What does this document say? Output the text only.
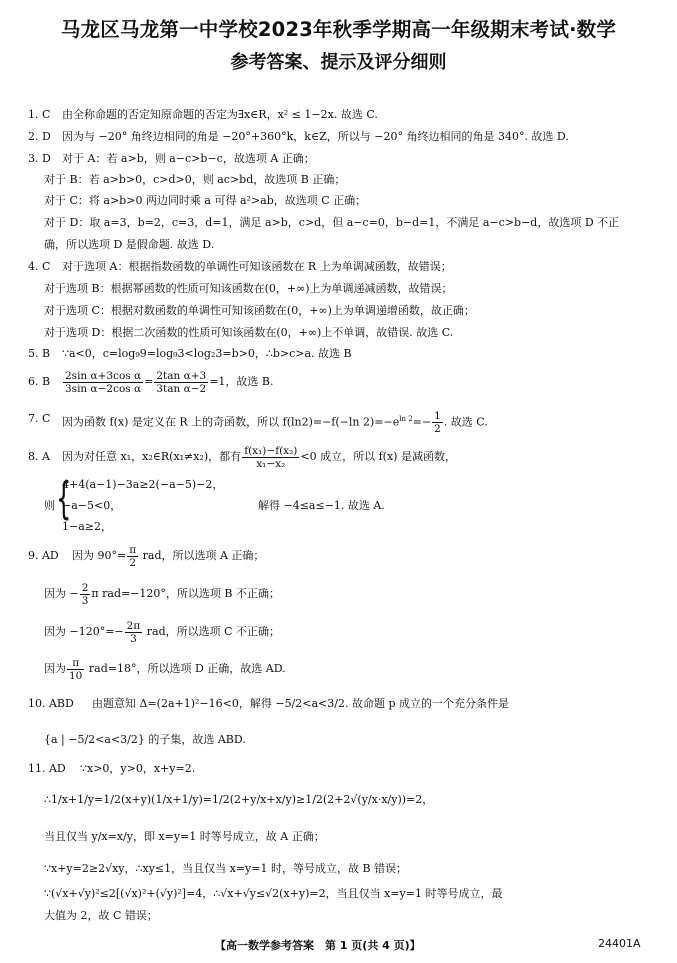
马龙区马龙第一中学校2023年秋季学期高一年级期末考试·数学
参考答案、提示及评分细则
1. C 由全称命题的否定知原命题的否定为∃x∈R，x² ≤ 1−2x. 故选 C.
2. D 因为与 −20° 角终边相同的角是 −20°+360°k，k∈Z，所以与 −20° 角终边相同的角是 340°. 故选 D.
3. D 对于 A：若 a>b，则 a−c>b−c，故选项 A 正确；
对于 B：若 a>b>0，c>d>0，则 ac>bd，故选项 B 正确；
对于 C：将 a>b>0 两边同时乘 a 可得 a²>ab，故选项 C 正确；
对于 D：取 a=3，b=2，c=3，d=1，满足 a>b，c>d，但 a−c=0，b−d=1，不满足 a−c>b−d，故选项 D 不正
确，所以选项 D 是假命题. 故选 D.
4. C 对于选项 A：根据指数函数的单调性可知该函数在 R 上为单调减函数，故错误；
对于选项 B：根据幂函数的性质可知该函数在(0，+∞)上为单调递减函数，故错误；
对于选项 C：根据对数函数的单调性可知该函数在(0，+∞)上为单调递增函数，故正确；
对于选项 D：根据二次函数的性质可知该函数在(0，+∞)上不单调，故错误. 故选 C.
5. B ∵a<0，c=log₉9=log₉3<log₂3=b>0，∴b>c>a. 故选 B
6. B $\frac{\text{2sin α+3cos α}}{\text{3sin α−2cos α}} = \frac{\text{2tan α+3}}{\text{3tan α−2}} =1$，故选 B.
7. C 因为函数 f(x) 是定义在 R 上的奇函数，所以 f(ln2)=−f(−ln $2)=-e^{ln 2}=- \frac{1}{2}$ . 故选 C.
8. A 因为对任意 x₁，x₂∈R(x₁≠x₂)，都有 $\frac{\text{f(x₁)−f(x₂)}}{\text{x₁−x₂}} <0$ 成立，所以 f(x) 是减函数，
4+4(a−1)−3a≥2(−a−5)−2，
则 −a−5<0，	解得 −4≤a≤−1. 故选 A.
1−a≥2，
{
9. AD 因为 $90^\circ= \frac{\pi}{2}$ rad，所以选项 A 正确；
因为 − $\frac{2}{3}$ π rad=−120°，所以选项 B 不正确；
因为 $-120^\circ=- \frac{2\pi}{3}$ rad，所以选项 C 不正确；
因为 $\frac{\pi}{10} rad=18^\circ$，所以选项 D 正确，故选 AD.
10. ABD 由题意知 Δ=(2a+1)²−16<0，解得 −5/2<a<3/2. 故命题 p 成立的一个充分条件是
{a | −5/2<a<3/2} 的子集，故选 ABD.
11. AD ∵x>0，y>0，x+y=2.
∴1/x+1/y=1/2(x+y)(1/x+1/y)=1/2(2+y/x+x/y)≥1/2(2+2√(y/x·x/y))=2，
当且仅当 y/x=x/y，即 x=y=1 时等号成立，故 A 正确；
∵x+y=2≥2√xy，∴xy≤1，当且仅当 x=y=1 时，等号成立，故 B 错误；
∵(√x+√y)²≤2[(√x)²+(√y)²]=4，∴√x+√y≤√2(x+y)=2，当且仅当 x=y=1 时等号成立，最
大值为 2，故 C 错误；
【高一数学参考答案　第 1 页(共 4 页)】	24401A
